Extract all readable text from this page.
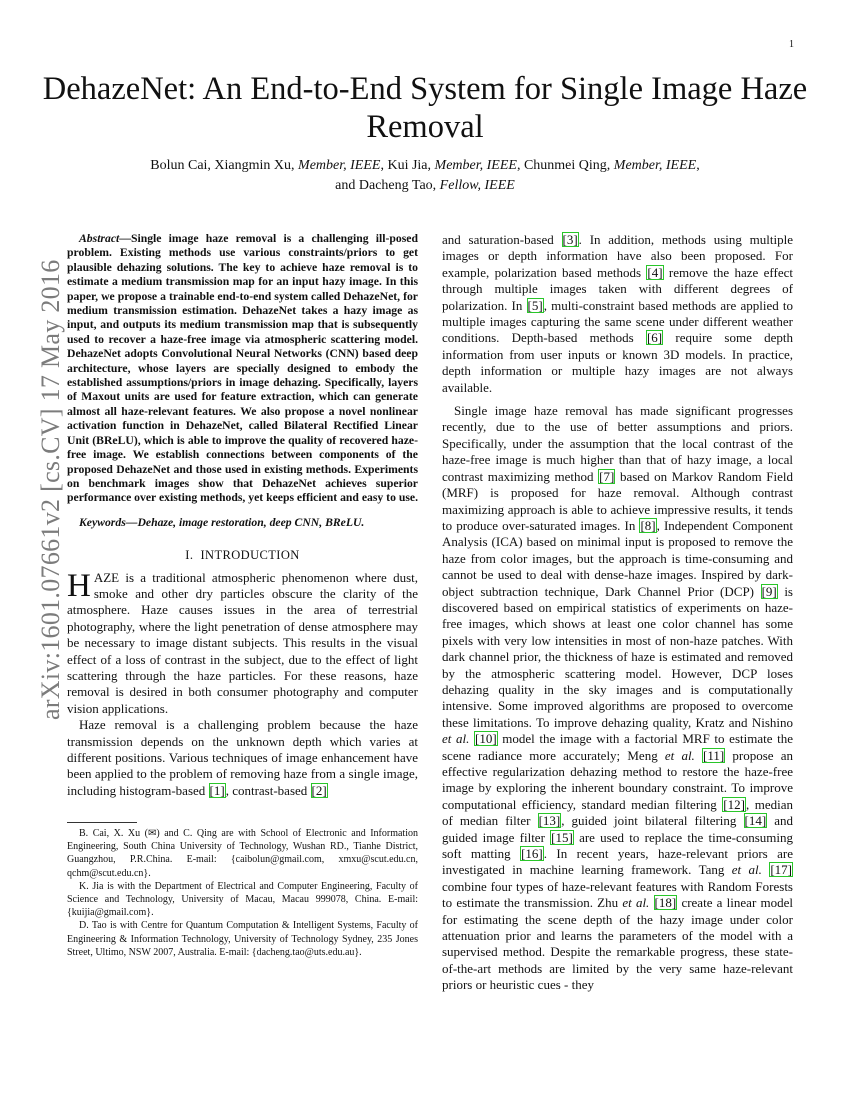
1
arXiv:1601.07661v2 [cs.CV] 17 May 2016
DehazeNet: An End-to-End System for Single Image Haze Removal
Bolun Cai, Xiangmin Xu, Member, IEEE, Kui Jia, Member, IEEE, Chunmei Qing, Member, IEEE,
and Dacheng Tao, Fellow, IEEE

Abstract—Single image haze removal is a challenging ill-posed problem. Existing methods use various constraints/priors to get plausible dehazing solutions. The key to achieve haze removal is to estimate a medium transmission map for an input hazy image. In this paper, we propose a trainable end-to-end system called DehazeNet, for medium transmission estimation. DehazeNet takes a hazy image as input, and outputs its medium transmission map that is subsequently used to recover a haze-free image via atmospheric scattering model. DehazeNet adopts Convolutional Neural Networks (CNN) based deep architecture, whose layers are specially designed to embody the established assumptions/priors in image dehazing. Specifically, layers of Maxout units are used for feature extraction, which can generate almost all haze-relevant features. We also propose a novel nonlinear activation function in DehazeNet, called Bilateral Rectified Linear Unit (BReLU), which is able to improve the quality of recovered haze-free image. We establish connections between components of the proposed DehazeNet and those used in existing methods. Experiments on benchmark images show that DehazeNet achieves superior performance over existing methods, yet keeps efficient and easy to use.

Keywords—Dehaze, image restoration, deep CNN, BReLU.

I. INTRODUCTION

HAZE is a traditional atmospheric phenomenon where dust, smoke and other dry particles obscure the clarity of the atmosphere. Haze causes issues in the area of terrestrial photography, where the light penetration of dense atmosphere may be necessary to image distant subjects. This results in the visual effect of a loss of contrast in the subject, due to the effect of light scattering through the haze particles. For these reasons, haze removal is desired in both consumer photography and computer vision applications.

Haze removal is a challenging problem because the haze transmission depends on the unknown depth which varies at different positions. Various techniques of image enhancement have been applied to the problem of removing haze from a single image, including histogram-based [1], contrast-based [2]

B. Cai, X. Xu (✉) and C. Qing are with School of Electronic and Information Engineering, South China University of Technology, Wushan RD., Tianhe District, Guangzhou, P.R.China. E-mail: {caibolun@gmail.com, xmxu@scut.edu.cn, qchm@scut.edu.cn}.

K. Jia is with the Department of Electrical and Computer Engineering, Faculty of Science and Technology, University of Macau, Macau 999078, China. E-mail: {kuijia@gmail.com}.

D. Tao is with Centre for Quantum Computation & Intelligent Systems, Faculty of Engineering & Information Technology, University of Technology Sydney, 235 Jones Street, Ultimo, NSW 2007, Australia. E-mail: {dacheng.tao@uts.edu.au}.

and saturation-based [3]. In addition, methods using multiple images or depth information have also been proposed. For example, polarization based methods [4] remove the haze effect through multiple images taken with different degrees of polarization. In [5], multi-constraint based methods are applied to multiple images capturing the same scene under different weather conditions. Depth-based methods [6] require some depth information from user inputs or known 3D models. In practice, depth information or multiple hazy images are not always available.

Single image haze removal has made significant progresses recently, due to the use of better assumptions and priors. Specifically, under the assumption that the local contrast of the haze-free image is much higher than that of hazy image, a local contrast maximizing method [7] based on Markov Random Field (MRF) is proposed for haze removal. Although contrast maximizing approach is able to achieve impressive results, it tends to produce over-saturated images. In [8], Independent Component Analysis (ICA) based on minimal input is proposed to remove the haze from color images, but the approach is time-consuming and cannot be used to deal with dense-haze images. Inspired by dark-object subtraction technique, Dark Channel Prior (DCP) [9] is discovered based on empirical statistics of experiments on haze-free images, which shows at least one color channel has some pixels with very low intensities in most of non-haze patches. With dark channel prior, the thickness of haze is estimated and removed by the atmospheric scattering model. However, DCP loses dehazing quality in the sky images and is computationally intensive. Some improved algorithms are proposed to overcome these limitations. To improve dehazing quality, Kratz and Nishino et al. [10] model the image with a factorial MRF to estimate the scene radiance more accurately; Meng et al. [11] propose an effective regularization dehazing method to restore the haze-free image by exploring the inherent boundary constraint. To improve computational efficiency, standard median filtering [12], median of median filter [13], guided joint bilateral filtering [14] and guided image filter [15] are used to replace the time-consuming soft matting [16]. In recent years, haze-relevant priors are investigated in machine learning framework. Tang et al. [17] combine four types of haze-relevant features with Random Forests to estimate the transmission. Zhu et al. [18] create a linear model for estimating the scene depth of the hazy image under color attenuation prior and learns the parameters of the model with a supervised method. Despite the remarkable progress, these state-of-the-art methods are limited by the very same haze-relevant priors or heuristic cues - they
